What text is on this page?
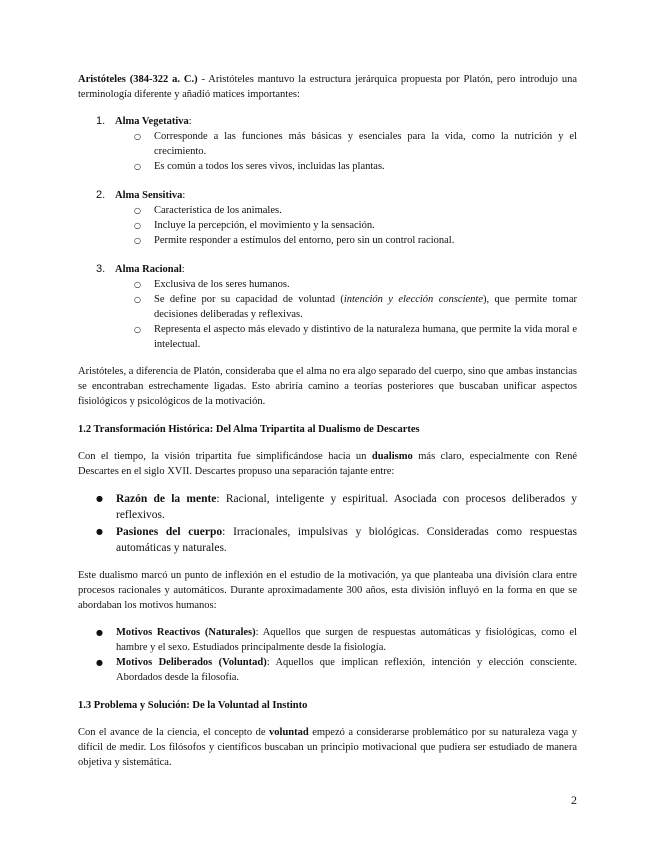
Aristóteles (384-322 a. C.) - Aristóteles mantuvo la estructura jerárquica propuesta por Platón, pero introdujo una terminología diferente y añadió matices importantes:

1. Alma Vegetativa:
○ Corresponde a las funciones más básicas y esenciales para la vida, como la nutrición y el crecimiento.
○ Es común a todos los seres vivos, incluidas las plantas.
2. Alma Sensitiva:
○ Característica de los animales.
○ Incluye la percepción, el movimiento y la sensación.
○ Permite responder a estímulos del entorno, pero sin un control racional.
3. Alma Racional:
○ Exclusiva de los seres humanos.
○ Se define por su capacidad de voluntad (intención y elección consciente), que permite tomar decisiones deliberadas y reflexivas.
○ Representa el aspecto más elevado y distintivo de la naturaleza humana, que permite la vida moral e intelectual.

Aristóteles, a diferencia de Platón, consideraba que el alma no era algo separado del cuerpo, sino que ambas instancias se encontraban estrechamente ligadas. Esto abriría camino a teorías posteriores que buscaban unificar aspectos fisiológicos y psicológicos de la motivación.

1.2 Transformación Histórica: Del Alma Tripartita al Dualismo de Descartes

Con el tiempo, la visión tripartita fue simplificándose hacia un dualismo más claro, especialmente con René Descartes en el siglo XVII. Descartes propuso una separación tajante entre:

● Razón de la mente: Racional, inteligente y espiritual. Asociada con procesos deliberados y reflexivos.
● Pasiones del cuerpo: Irracionales, impulsivas y biológicas. Consideradas como respuestas automáticas y naturales.

Este dualismo marcó un punto de inflexión en el estudio de la motivación, ya que planteaba una división clara entre procesos racionales y automáticos. Durante aproximadamente 300 años, esta división influyó en la forma en que se abordaban los motivos humanos:

● Motivos Reactivos (Naturales): Aquellos que surgen de respuestas automáticas y fisiológicas, como el hambre y el sexo. Estudiados principalmente desde la fisiología.
● Motivos Deliberados (Voluntad): Aquellos que implican reflexión, intención y elección consciente. Abordados desde la filosofía.
1.3 Problema y Solución: De la Voluntad al Instinto

Con el avance de la ciencia, el concepto de voluntad empezó a considerarse problemático por su naturaleza vaga y difícil de medir. Los filósofos y científicos buscaban un principio motivacional que pudiera ser estudiado de manera objetiva y sistemática.

2
